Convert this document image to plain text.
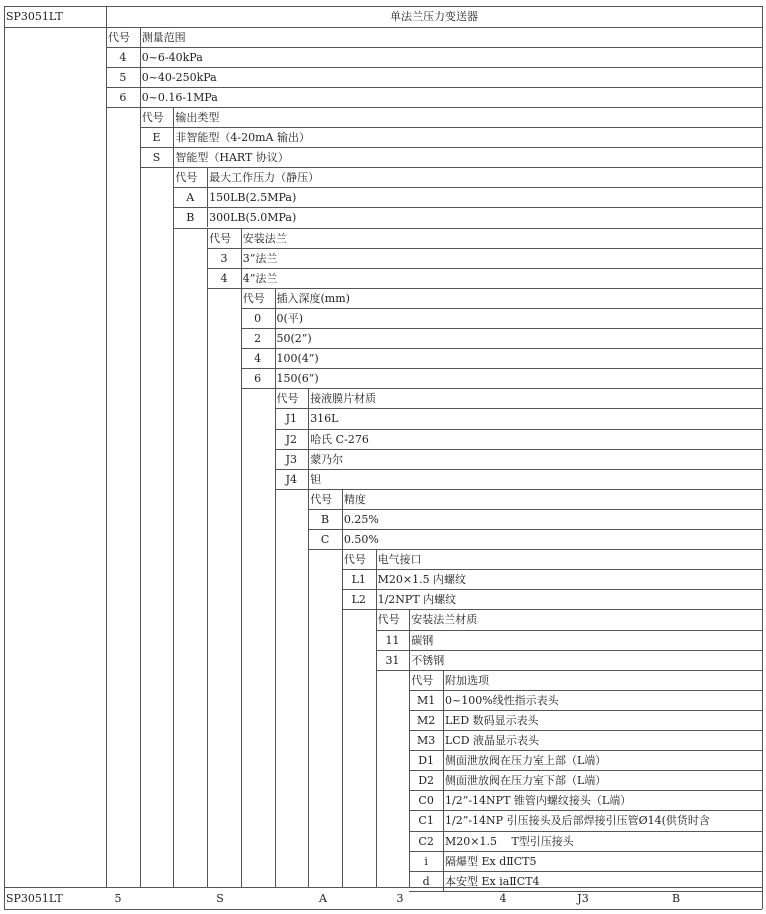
SP3051LT	单法兰压力变送器
代号 测量范围
4 0~6-40kPa
5 0~40-250kPa
6 0~0.16-1MPa
代号 输出类型
E 非智能型（4-20mA 输出）
S 智能型（HART 协议）
代号 最大工作压力（静压）
A 150LB(2.5MPa)
B 300LB(5.0MPa)
代号 安装法兰
3 3”法兰
4 4”法兰
代号 插入深度(mm)
0 0(平)
2 50(2”)
4 100(4”)
6 150(6”)
代号 接液膜片材质
J1 316L
J2 哈氏 C-276
J3 蒙乃尔
J4 钽
代号 精度
B 0.25%
C 0.50%
代号 电气接口
L1 M20×1.5 内螺纹
L2 1/2NPT 内螺纹
代号 安装法兰材质
11 碳钢
31 不锈钢
代号 附加选项
M1 0~100%线性指示表头
M2 LED 数码显示表头
M3 LCD 液晶显示表头
D1 侧面泄放阀在压力室上部（L端）
D2 侧面泄放阀在压力室下部（L端）
C0 1/2”-14NPT 锥管内螺纹接头（L端）
C1 1/2”-14NP 引压接头及后部焊接引压管Ø14(供货时含
C2 M20×1.5　 T型引压接头
i 隔爆型 Ex dⅡCT5
d 本安型 Ex iaⅡCT4
SP3051LT	5	S	A	3	4	J3	B
